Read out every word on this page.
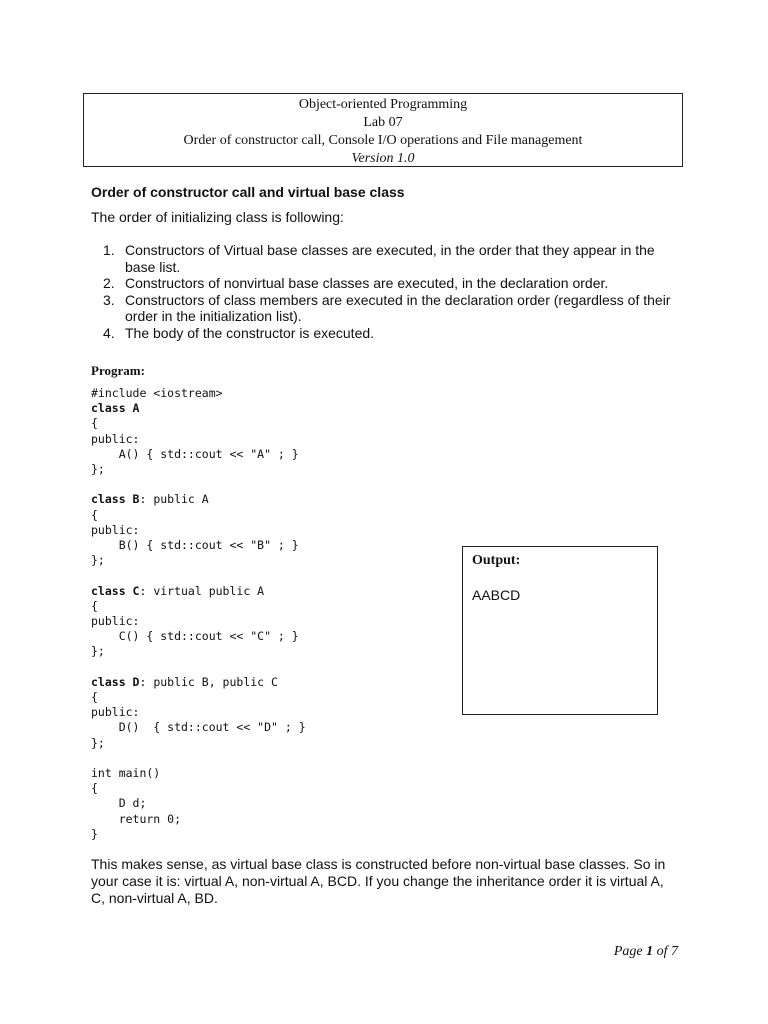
Object-oriented Programming
Lab 07
Order of constructor call, Console I/O operations and File management
Version 1.0
Order of constructor call and virtual base class

The order of initializing class is following:

1. Constructors of Virtual base classes are executed, in the order that they appear in the base list.
2. Constructors of nonvirtual base classes are executed, in the declaration order.
3. Constructors of class members are executed in the declaration order (regardless of their order in the initialization list).
4. The body of the constructor is executed.

Program:

#include <iostream>
class A
{
public:
A() { std::cout << "A" ; }
};

class B: public A
{
public:
B() { std::cout << "B" ; }
};

class C: virtual public A
{
public:
C() { std::cout << "C" ; }
};

class D: public B, public C
{
public:
D()  { std::cout << "D" ; }
};

int main()
{
D d;
return 0;
}
Output:
AABCD

This makes sense, as virtual base class is constructed before non-virtual base classes. So in your case it is: virtual A, non-virtual A, BCD. If you change the inheritance order it is virtual A, C, non-virtual A, BD.

Page 1 of 7
